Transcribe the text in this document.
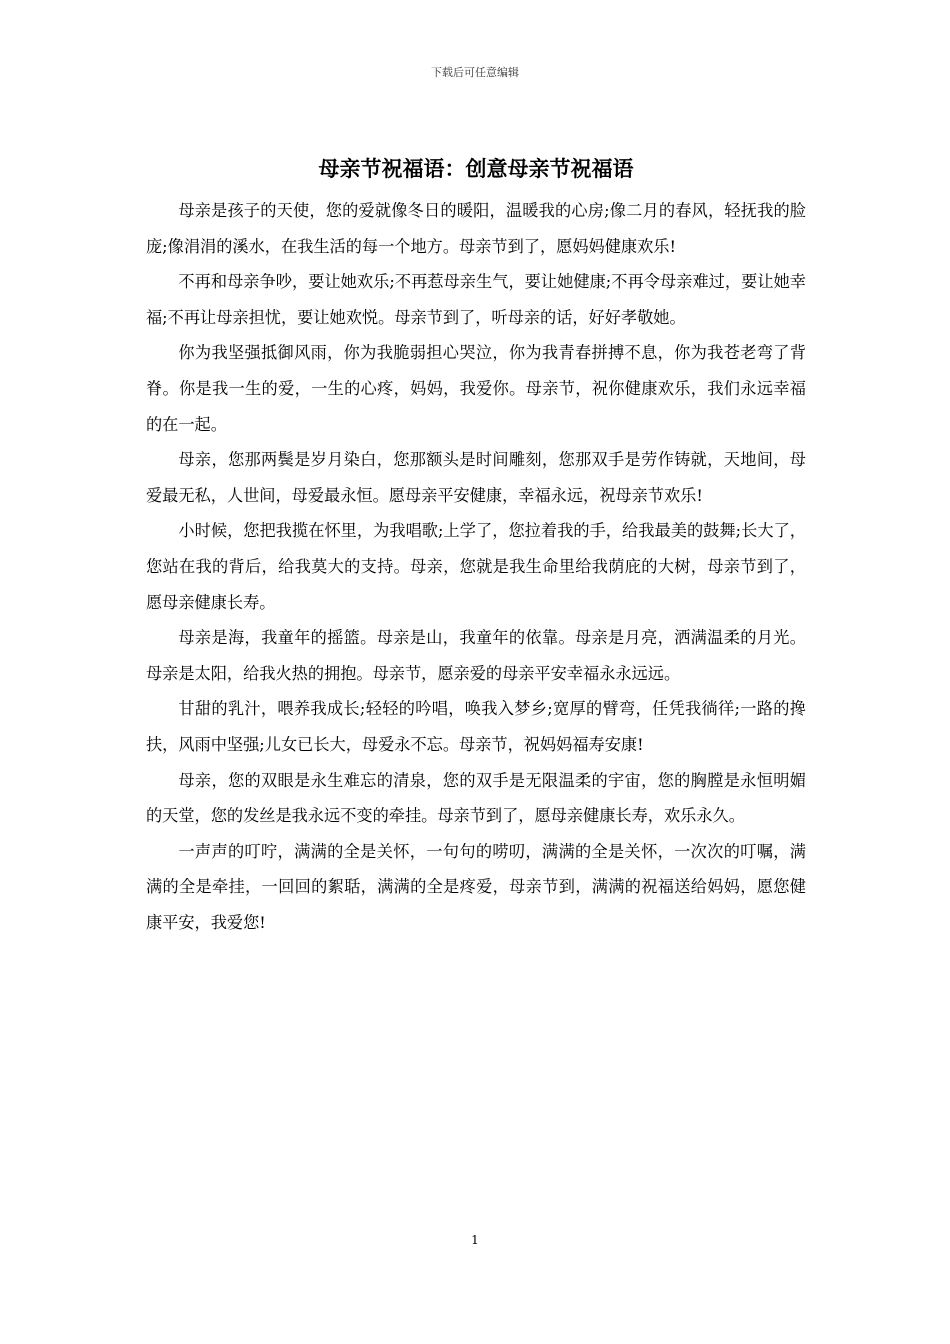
下载后可任意编辑
母亲节祝福语：创意母亲节祝福语

母亲是孩子的天使，您的爱就像冬日的暖阳，温暖我的心房;像二月的春风，轻抚我的脸庞;像涓涓的溪水，在我生活的每一个地方。母亲节到了，愿妈妈健康欢乐!

不再和母亲争吵，要让她欢乐;不再惹母亲生气，要让她健康;不再令母亲难过，要让她幸福;不再让母亲担忧，要让她欢悦。母亲节到了，听母亲的话，好好孝敬她。

你为我坚强抵御风雨，你为我脆弱担心哭泣，你为我青春拼搏不息，你为我苍老弯了背脊。你是我一生的爱，一生的心疼，妈妈，我爱你。母亲节，祝你健康欢乐，我们永远幸福的在一起。

母亲，您那两鬓是岁月染白，您那额头是时间雕刻，您那双手是劳作铸就，天地间，母爱最无私，人世间，母爱最永恒。愿母亲平安健康，幸福永远，祝母亲节欢乐!

小时候，您把我揽在怀里，为我唱歌;上学了，您拉着我的手，给我最美的鼓舞;长大了，您站在我的背后，给我莫大的支持。母亲，您就是我生命里给我荫庇的大树，母亲节到了，愿母亲健康长寿。

母亲是海，我童年的摇篮。母亲是山，我童年的依靠。母亲是月亮，洒满温柔的月光。母亲是太阳，给我火热的拥抱。母亲节，愿亲爱的母亲平安幸福永永远远。

甘甜的乳汁，喂养我成长;轻轻的吟唱，唤我入梦乡;宽厚的臂弯，任凭我徜徉;一路的搀扶，风雨中坚强;儿女已长大，母爱永不忘。母亲节，祝妈妈福寿安康!

母亲，您的双眼是永生难忘的清泉，您的双手是无限温柔的宇宙，您的胸膛是永恒明媚的天堂，您的发丝是我永远不变的牵挂。母亲节到了，愿母亲健康长寿，欢乐永久。

一声声的叮咛，满满的全是关怀，一句句的唠叨，满满的全是关怀，一次次的叮嘱，满满的全是牵挂，一回回的絮聒，满满的全是疼爱，母亲节到，满满的祝福送给妈妈，愿您健康平安，我爱您!

1
